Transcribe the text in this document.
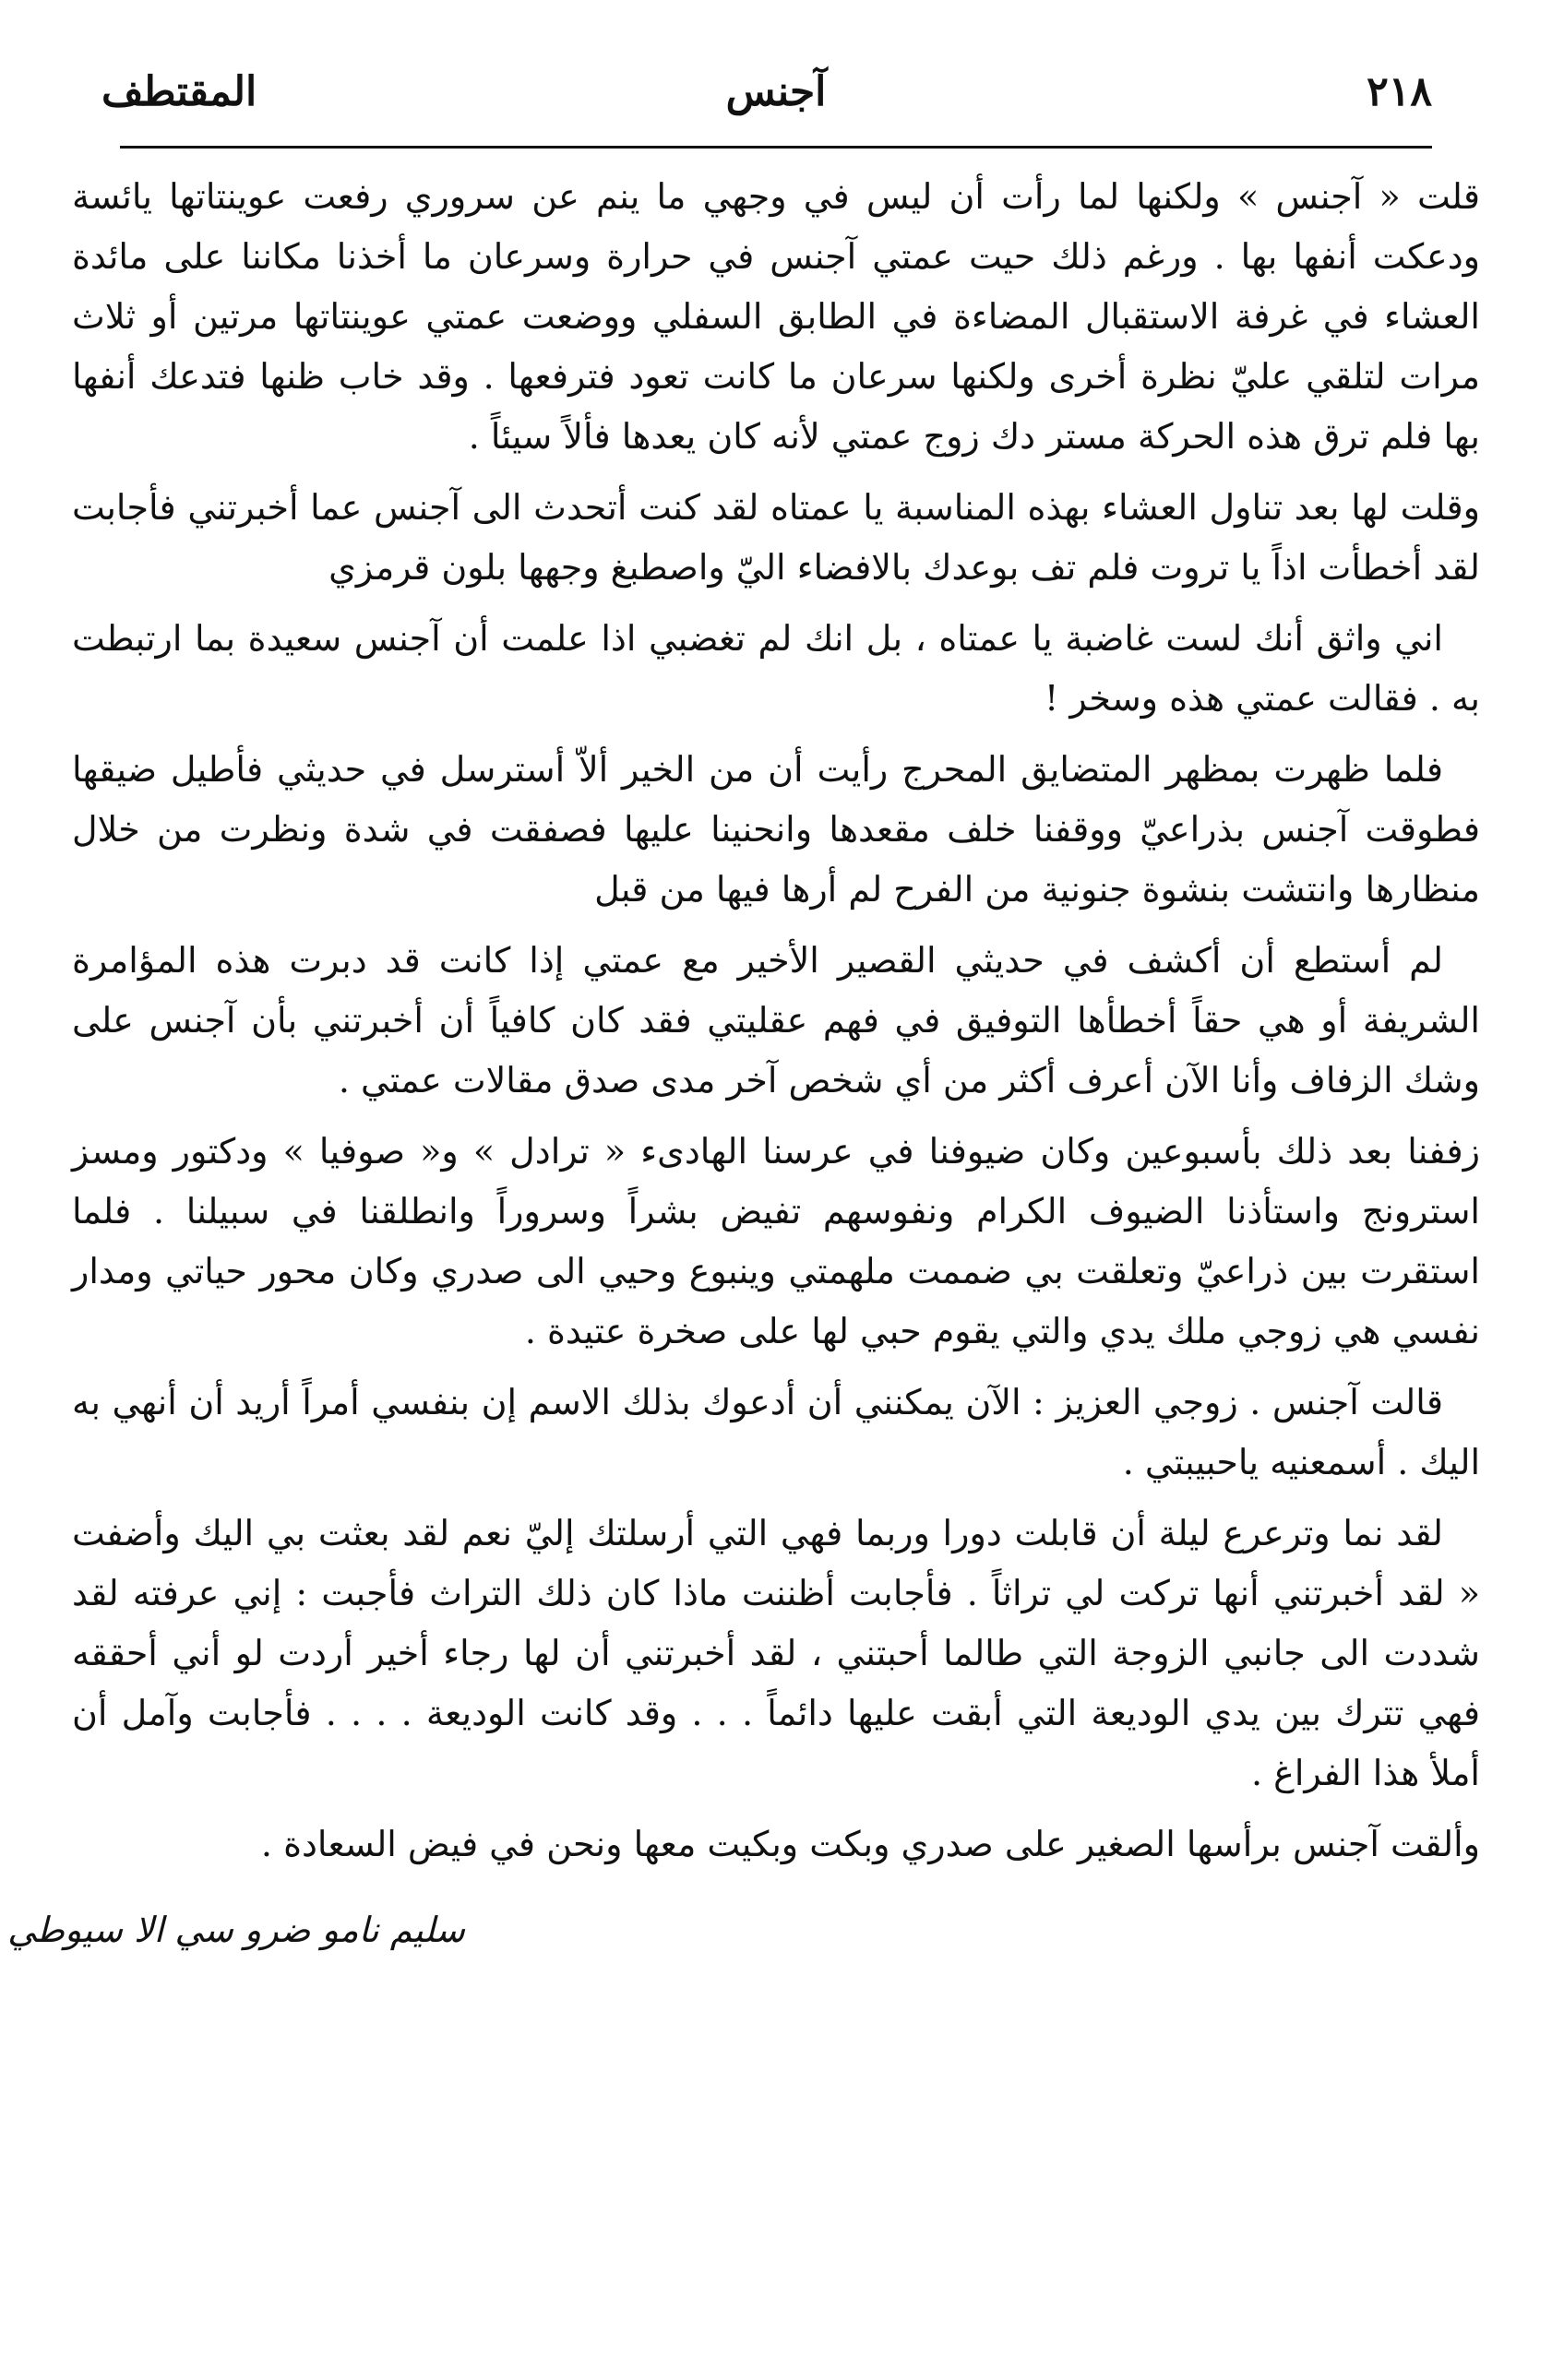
٢١٨
آجنس
المقتطف

قلت « آجنس » ولكنها لما رأت أن ليس في وجهي ما ينم عن سروري رفعت عوينتاتها يائسة ودعكت أنفها بها . ورغم ذلك حيت عمتي آجنس في حرارة وسرعان ما أخذنا مكاننا على مائدة العشاء في غرفة الاستقبال المضاءة في الطابق السفلي ووضعت عمتي عوينتاتها مرتين أو ثلاث مرات لتلقي عليّ نظرة أخرى ولكنها سرعان ما كانت تعود فترفعها . وقد خاب ظنها فتدعك أنفها بها فلم ترق هذه الحركة مستر دك زوج عمتي لأنه كان يعدها فألاً سيئاً .

وقلت لها بعد تناول العشاء بهذه المناسبة يا عمتاه لقد كنت أتحدث الى آجنس عما أخبرتني فأجابت لقد أخطأت اذاً يا تروت فلم تف بوعدك بالافضاء اليّ واصطبغ وجهها بلون قرمزي

اني واثق أنك لست غاضبة يا عمتاه ، بل انك لم تغضبي اذا علمت أن آجنس سعيدة بما ارتبطت به . فقالت عمتي هذه وسخر !

فلما ظهرت بمظهر المتضايق المحرج رأيت أن من الخير ألاّ أسترسل في حديثي فأطيل ضيقها فطوقت آجنس بذراعيّ ووقفنا خلف مقعدها وانحنينا عليها فصفقت في شدة ونظرت من خلال منظارها وانتشت بنشوة جنونية من الفرح لم أرها فيها من قبل

لم أستطع أن أكشف في حديثي القصير الأخير مع عمتي إذا كانت قد دبرت هذه المؤامرة الشريفة أو هي حقاً أخطأها التوفيق في فهم عقليتي فقد كان كافياً أن أخبرتني بأن آجنس على وشك الزفاف وأنا الآن أعرف أكثر من أي شخص آخر مدى صدق مقالات عمتي .

زففنا بعد ذلك بأسبوعين وكان ضيوفنا في عرسنا الهادىء « ترادل » و« صوفيا » ودكتور ومسز استرونج واستأذنا الضيوف الكرام ونفوسهم تفيض بشراً وسروراً وانطلقنا في سبيلنا . فلما استقرت بين ذراعيّ وتعلقت بي ضممت ملهمتي وينبوع وحيي الى صدري وكان محور حياتي ومدار نفسي هي زوجي ملك يدي والتي يقوم حبي لها على صخرة عتيدة .

قالت آجنس . زوجي العزيز : الآن يمكنني أن أدعوك بذلك الاسم إن بنفسي أمراً أريد أن أنهي به اليك . أسمعنيه ياحبيبتي .

لقد نما وترعرع ليلة أن قابلت دورا وربما فهي التي أرسلتك إليّ نعم لقد بعثت بي اليك وأضفت « لقد أخبرتني أنها تركت لي تراثاً . فأجابت أظننت ماذا كان ذلك التراث فأجبت : إني عرفته لقد شددت الى جانبي الزوجة التي طالما أحبتني ، لقد أخبرتني أن لها رجاء أخير أردت لو أني أحققه فهي تترك بين يدي الوديعة التي أبقت عليها دائماً . . . وقد كانت الوديعة . . . . فأجابت وآمل أن أملأ هذا الفراغ .

وألقت آجنس برأسها الصغير على صدري وبكت وبكيت معها ونحن في فيض السعادة .

سليم نامو ضرو سي الا سيوطي
